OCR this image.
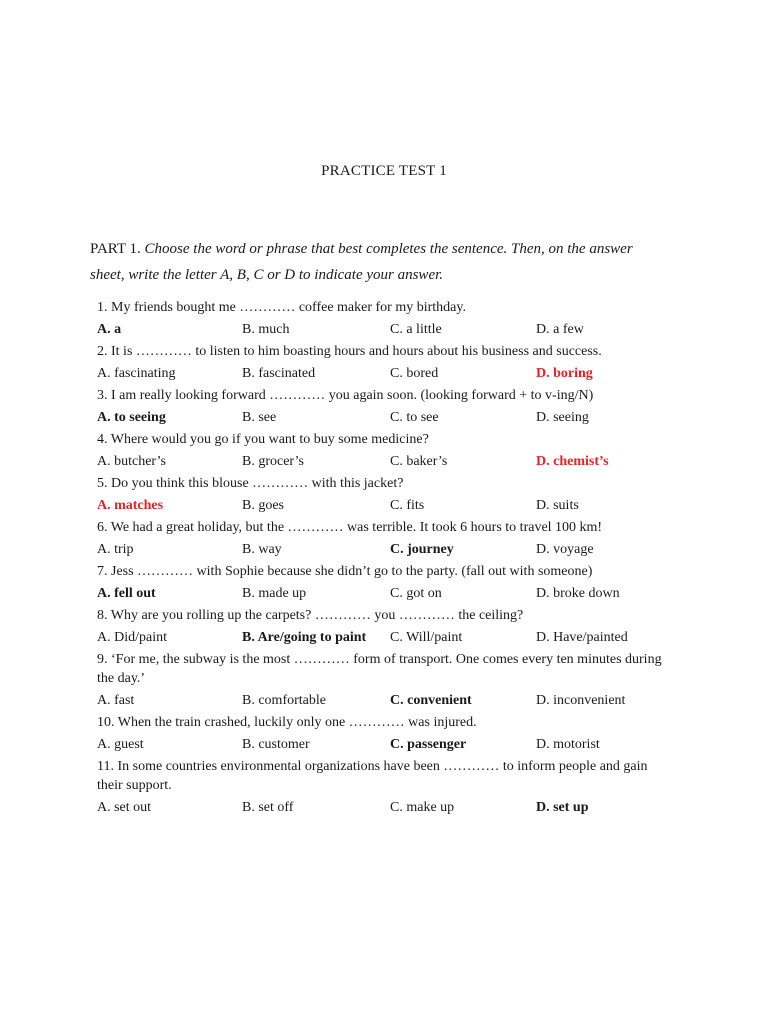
PRACTICE TEST 1
PART 1. Choose the word or phrase that best completes the sentence. Then, on the answer sheet, write the letter A, B, C or D to indicate your answer.
1. My friends bought me ………… coffee maker for my birthday.
A. a	B. much	C. a little	D. a few
2. It is ………… to listen to him boasting hours and hours about his business and success.
A. fascinating	B. fascinated	C. bored	D. boring
3. I am really looking forward ………… you again soon. (looking forward + to v-ing/N)
A. to seeing	B. see	C. to see	D. seeing
4. Where would you go if you want to buy some medicine?
A. butcher’s	B. grocer’s	C. baker’s	D. chemist’s
5. Do you think this blouse ………… with this jacket?
A. matches	B. goes	C. fits	D. suits
6. We had a great holiday, but the ………… was terrible. It took 6 hours to travel 100 km!
A. trip	B. way	C. journey	D. voyage
7. Jess ………… with Sophie because she didn’t go to the party. (fall out with someone)
A. fell out	B. made up	C. got on	D. broke down
8. Why are you rolling up the carpets? ………… you ………… the ceiling?
A. Did/paint	B. Are/going to paint	C. Will/paint	D. Have/painted
9. ‘For me, the subway is the most ………… form of transport. One comes every ten minutes during the day.’
A. fast	B. comfortable	C. convenient	D. inconvenient
10. When the train crashed, luckily only one ………… was injured.
A. guest	B. customer	C. passenger	D. motorist
11. In some countries environmental organizations have been ………… to inform people and gain their support.
A. set out	B. set off	C. make up	D. set up
